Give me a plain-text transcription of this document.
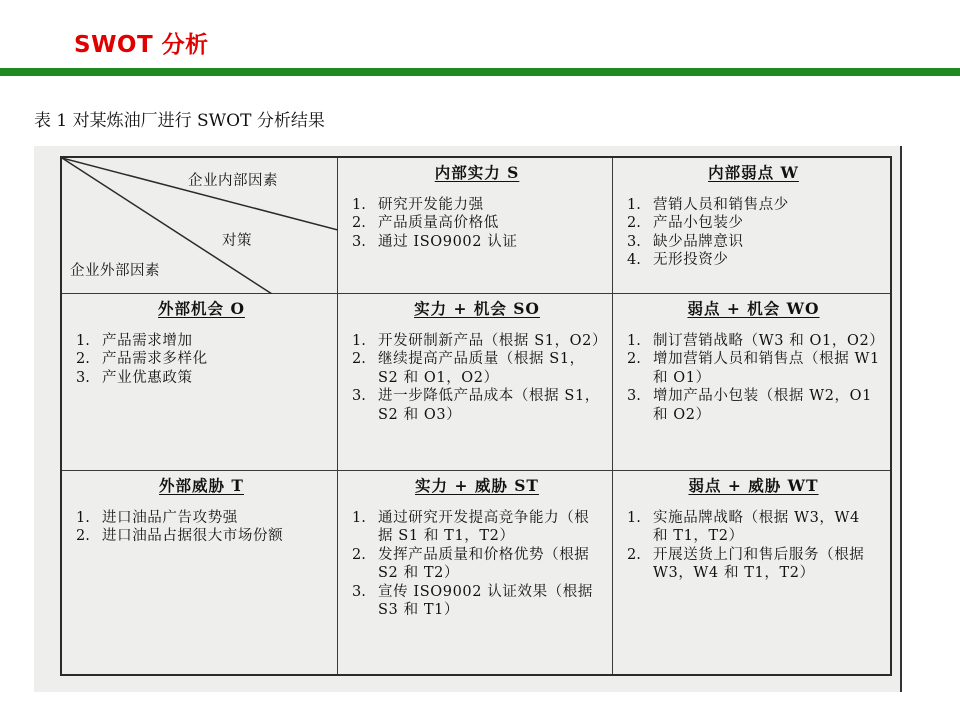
SWOT 分析
表 1 对某炼油厂进行 SWOT 分析结果
企业内部因素
对策
企业外部因素
内部实力 S
1. 研究开发能力强
2. 产品质量高价格低
3. 通过 ISO9002 认证
内部弱点 W
1. 营销人员和销售点少
2. 产品小包装少
3. 缺少品牌意识
4. 无形投资少
外部机会 O
1. 产品需求增加
2. 产品需求多样化
3. 产业优惠政策
实力 + 机会 SO
1. 开发研制新产品（根据 S1，O2）
2. 继续提高产品质量（根据 S1，S2 和 O1，O2）
3. 进一步降低产品成本（根据 S1，S2 和 O3）
弱点 + 机会 WO
1. 制订营销战略（W3 和 O1，O2）
2. 增加营销人员和销售点（根据 W1 和 O1）
3. 增加产品小包装（根据 W2，O1 和 O2）
外部威胁 T
1. 进口油品广告攻势强
2. 进口油品占据很大市场份额
实力 + 威胁 ST
1. 通过研究开发提高竞争能力（根据 S1 和 T1，T2）
2. 发挥产品质量和价格优势（根据 S2 和 T2）
3. 宣传 ISO9002 认证效果（根据 S3 和 T1）
弱点 + 威胁 WT
1. 实施品牌战略（根据 W3，W4 和 T1，T2）
2. 开展送货上门和售后服务（根据 W3，W4 和 T1，T2）
